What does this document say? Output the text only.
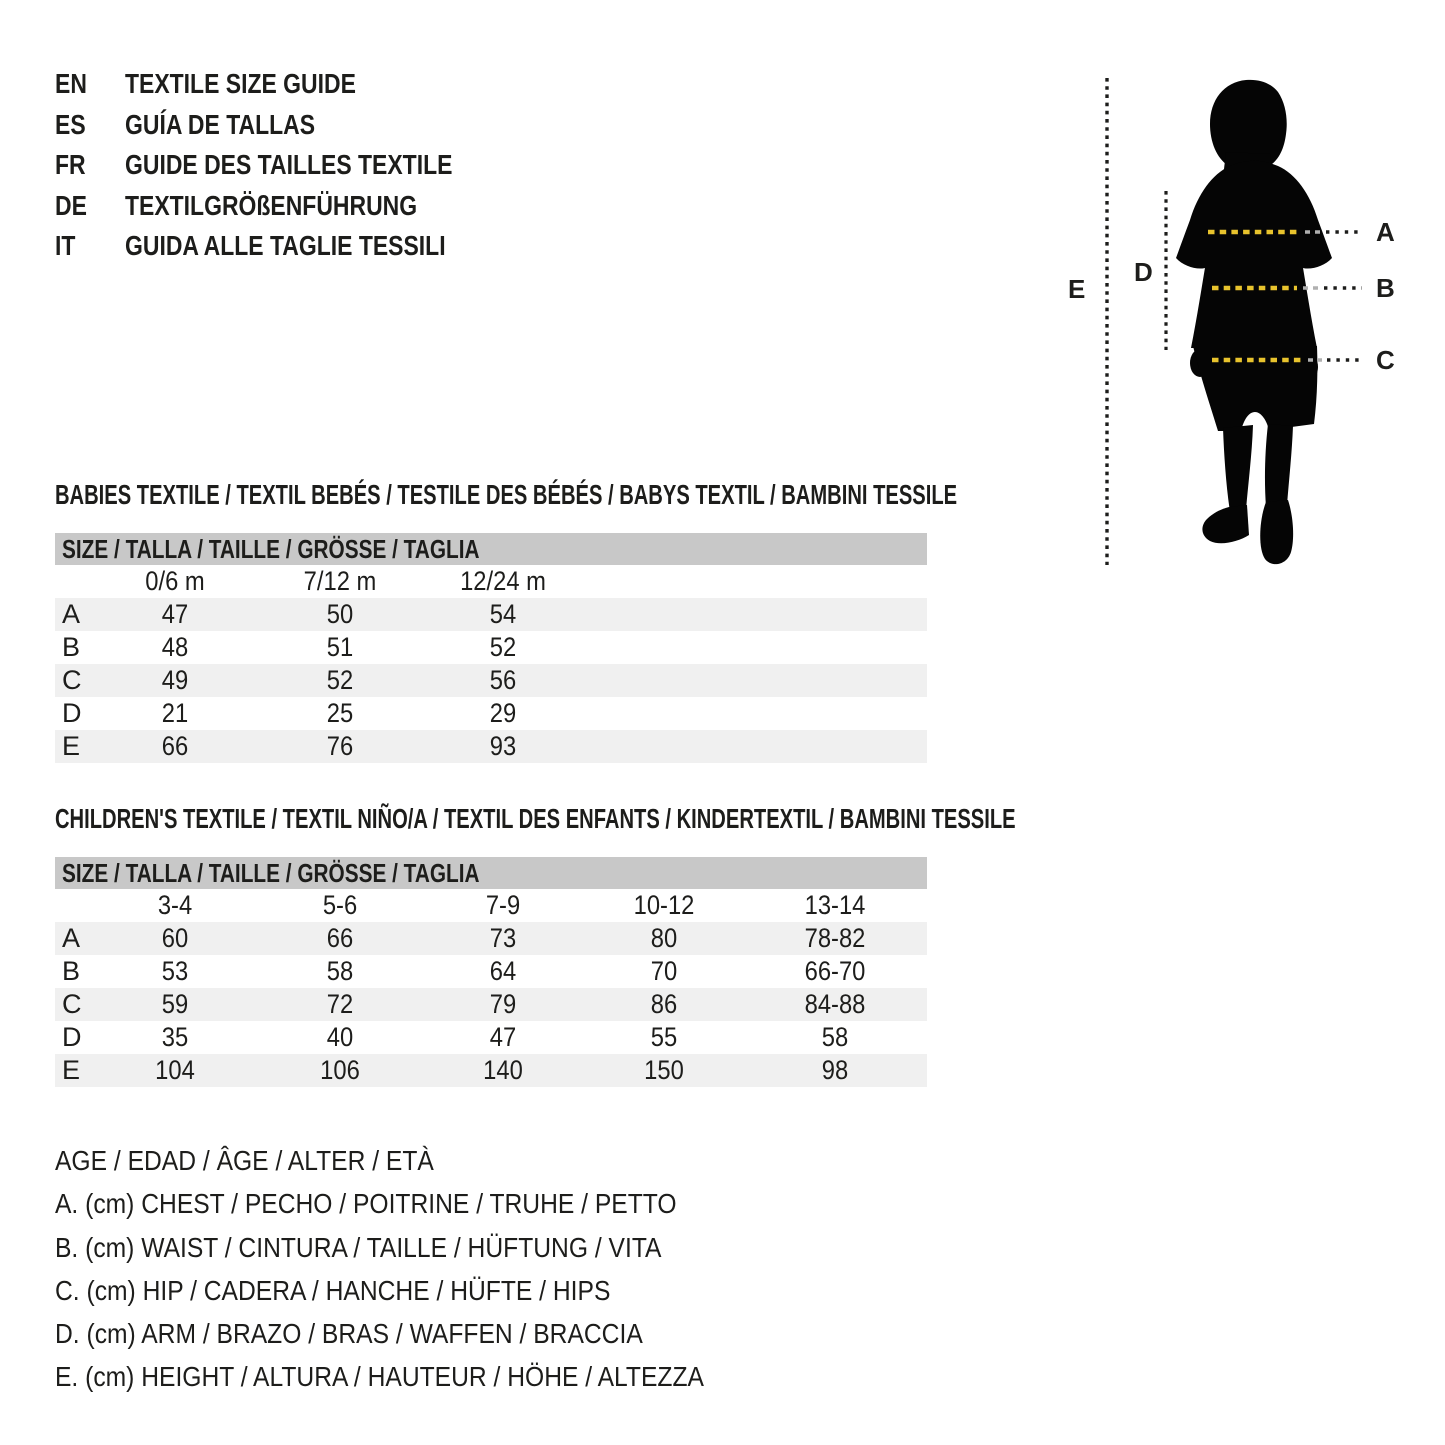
EN TEXTILE SIZE GUIDE
ES GUÍA DE TALLAS
FR GUIDE DES TAILLES TEXTILE
DE TEXTILGRÖßENFÜHRUNG
IT GUIDA ALLE TAGLIE TESSILI
E
D
A
B
C
BABIES TEXTILE / TEXTIL BEBÉS / TESTILE DES BÉBÉS / BABYS TEXTIL / BAMBINI TESSILE
SIZE / TALLA / TAILLE / GRÖSSE / TAGLIA
0/6 m	7/12 m	12/24 m
A	47	50	54
B	48	51	52
C	49	52	56
D	21	25	29
E	66	76	93
CHILDREN'S TEXTILE / TEXTIL NIÑO/A / TEXTIL DES ENFANTS / KINDERTEXTIL / BAMBINI TESSILE
SIZE / TALLA / TAILLE / GRÖSSE / TAGLIA
3-4	5-6	7-9	10-12	13-14
A	60	66	73	80	78-82
B	53	58	64	70	66-70
C	59	72	79	86	84-88
D	35	40	47	55	58
E	104	106	140	150	98
AGE / EDAD / ÂGE / ALTER / ETÀ
A. (cm) CHEST / PECHO / POITRINE / TRUHE / PETTO
B. (cm) WAIST / CINTURA / TAILLE / HÜFTUNG / VITA
C. (cm) HIP / CADERA / HANCHE / HÜFTE / HIPS
D. (cm) ARM / BRAZO / BRAS / WAFFEN / BRACCIA
E. (cm) HEIGHT / ALTURA / HAUTEUR / HÖHE / ALTEZZA
